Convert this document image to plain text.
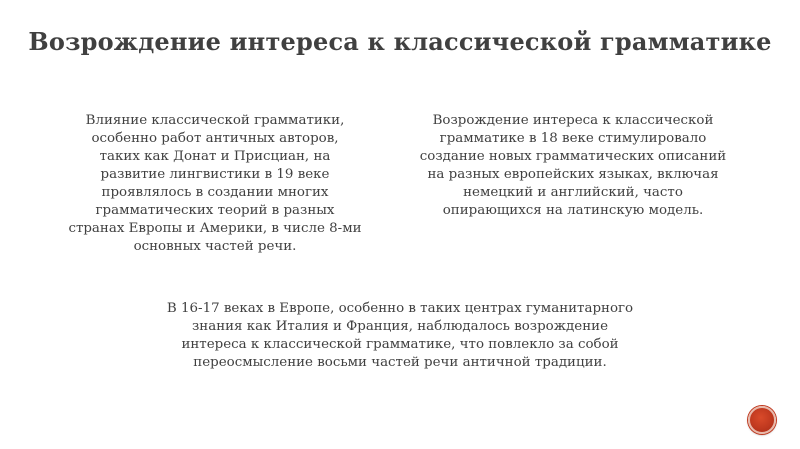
Возрождение интереса к классической грамматике
Влияние классической грамматики,
особенно работ античных авторов,
таких как Донат и Присциан, на
развитие лингвистики в 19 веке
проявлялось в создании многих
грамматических теорий в разных
странах Европы и Америки, в числе 8-ми
основных частей речи.
Возрождение интереса к классической
грамматике в 18 веке стимулировало
создание новых грамматических описаний
на разных европейских языках, включая
немецкий и английский, часто
опирающихся на латинскую модель.
В 16-17 веках в Европе, особенно в таких центрах гуманитарного
знания как Италия и Франция, наблюдалось возрождение
интереса к классической грамматике, что повлекло за собой
переосмысление восьми частей речи античной традиции.
